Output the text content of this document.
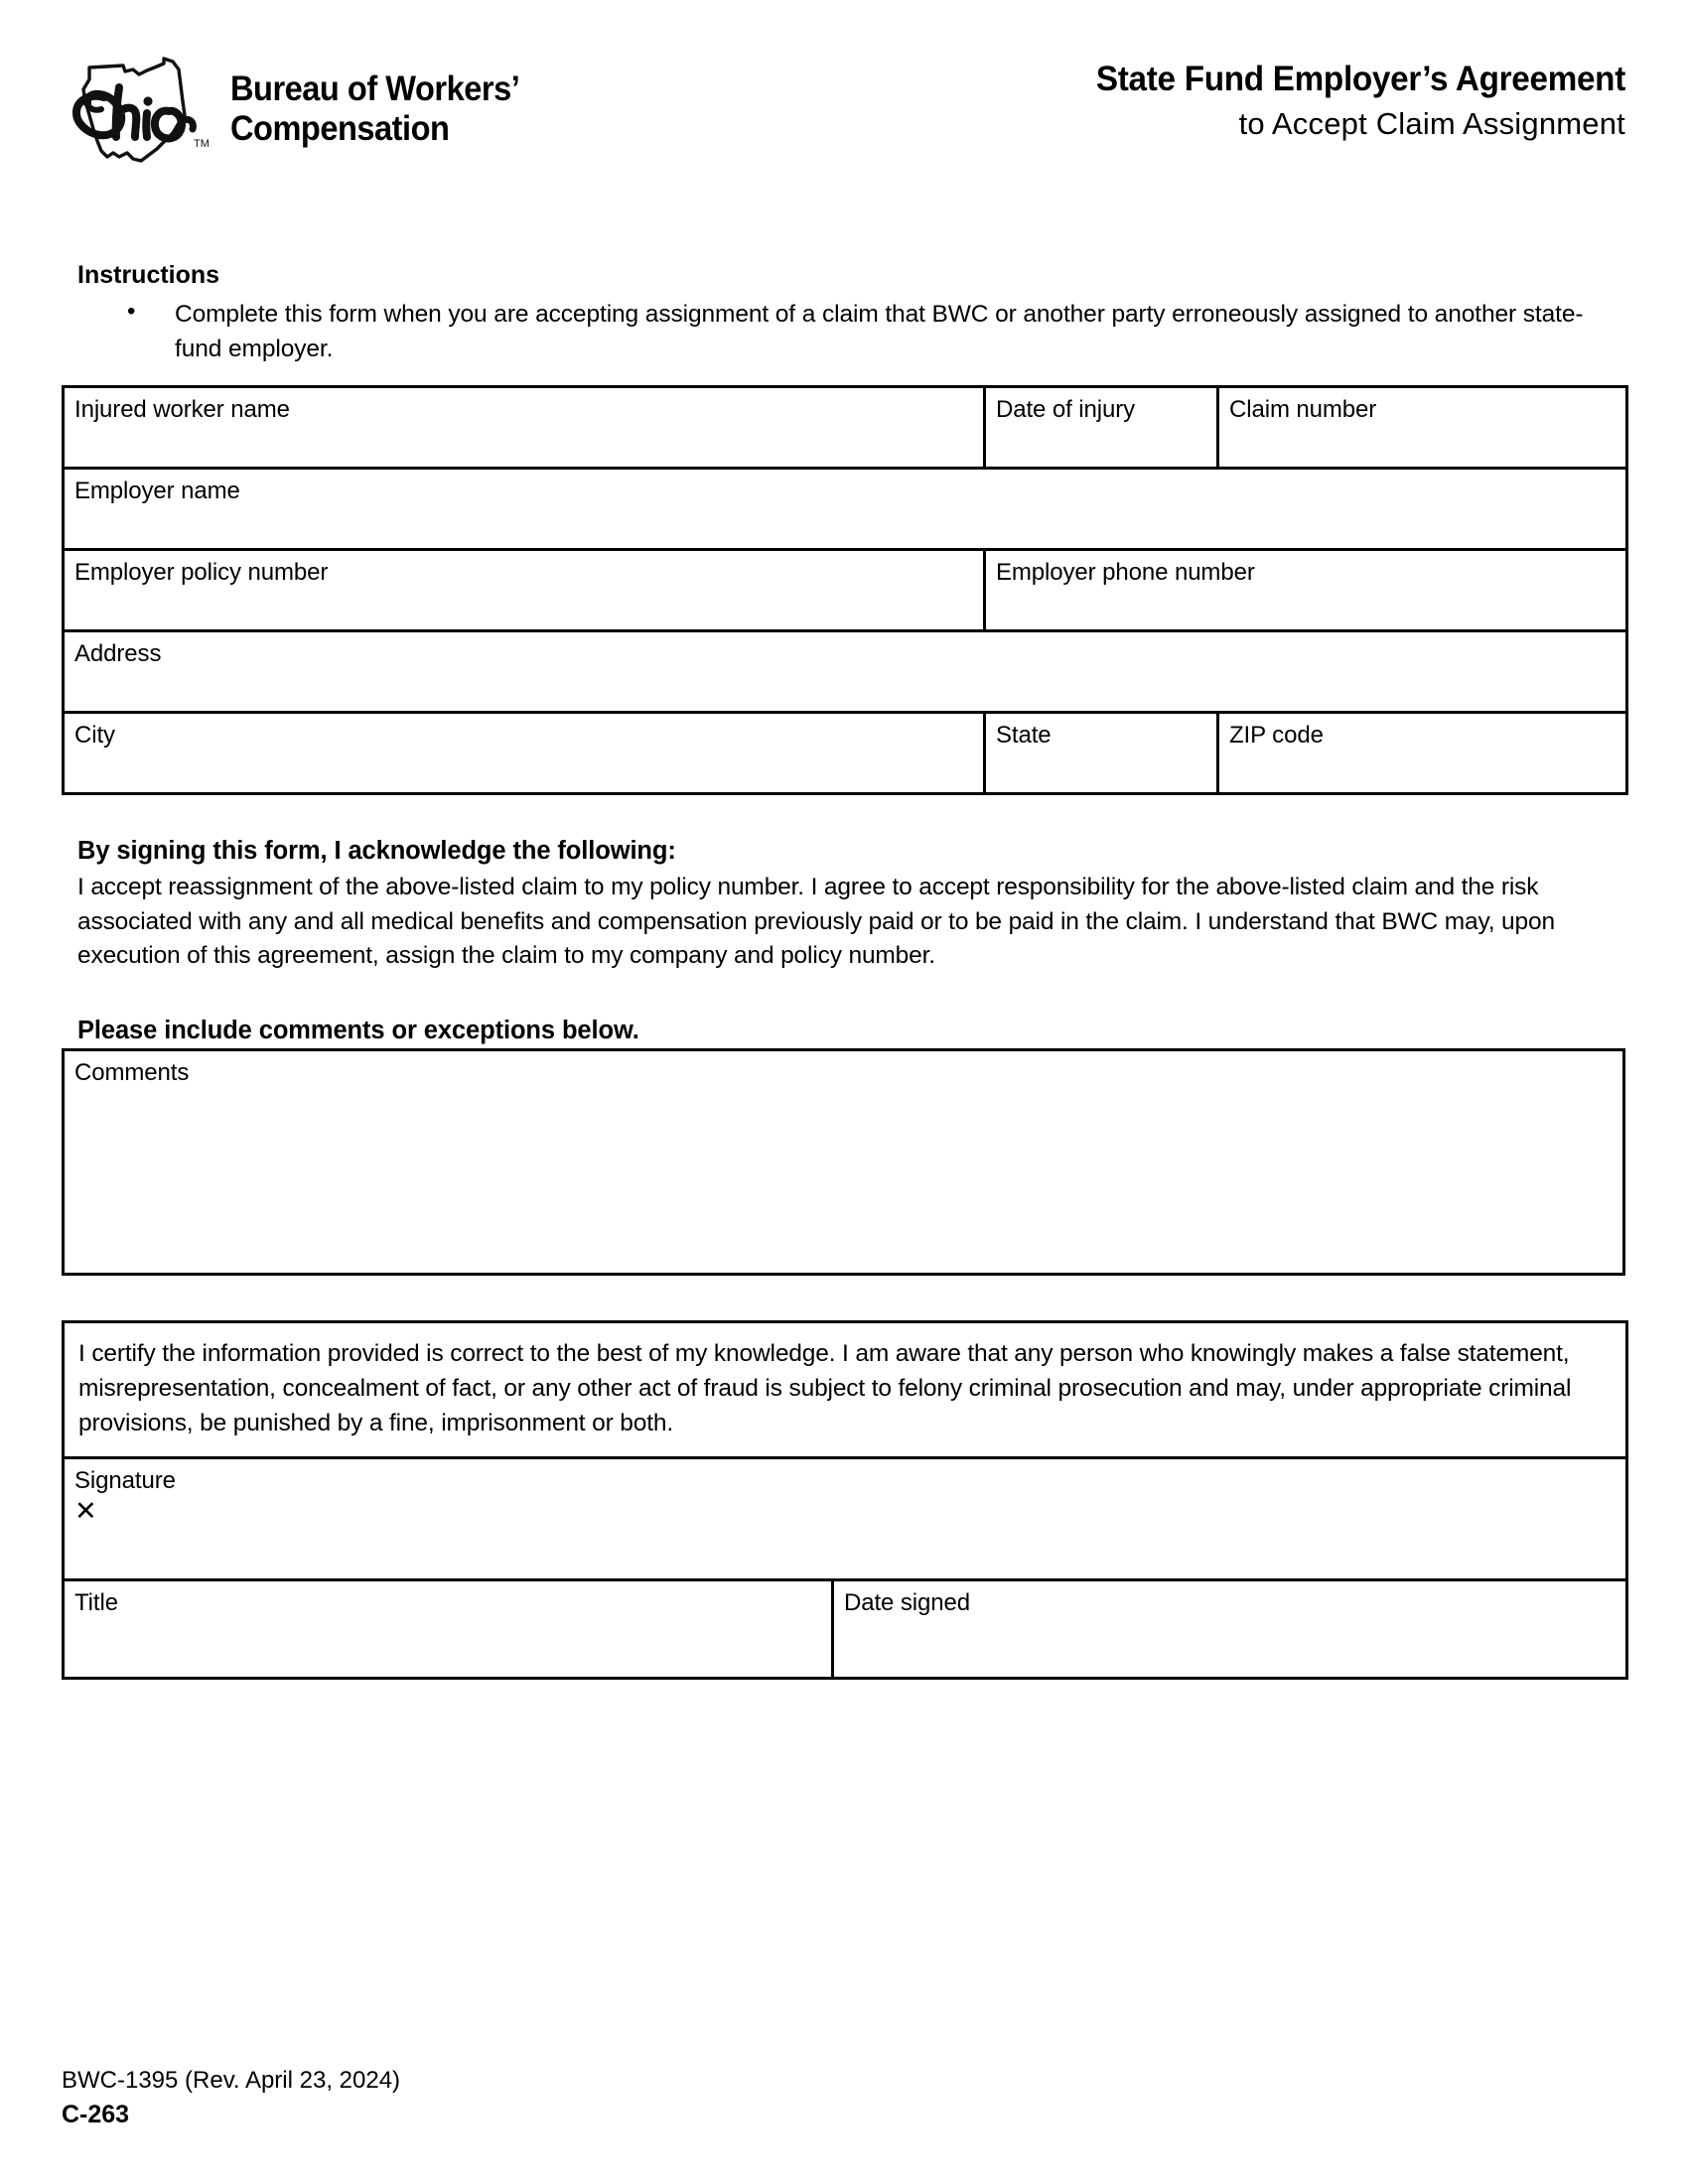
TM
Bureau of Workers’
Compensation
State Fund Employer’s Agreement
to Accept Claim Assignment
Instructions
• Complete this form when you are accepting assignment of a claim that BWC or another party erroneously assigned to another state-fund employer.
Injured worker name	Date of injury	Claim number

Employer name		

Employer policy number	Employer phone number	

Address		

City	State	ZIP code
By signing this form, I acknowledge the following:
I accept reassignment of the above-listed claim to my policy number. I agree to accept responsibility for the above-listed claim and the risk associated with any and all medical benefits and compensation previously paid or to be paid in the claim. I understand that BWC may, upon execution of this agreement, assign the claim to my company and policy number.
Please include comments or exceptions below.
Comments
I certify the information provided is correct to the best of my knowledge. I am aware that any person who knowingly makes a false statement, misrepresentation, concealment of fact, or any other act of fraud is subject to felony criminal prosecution and may, under appropriate criminal provisions, be punished by a fine, imprisonment or both.

Signature
✕

Title	Date signed
BWC-1395 (Rev. April 23, 2024)
C-263
